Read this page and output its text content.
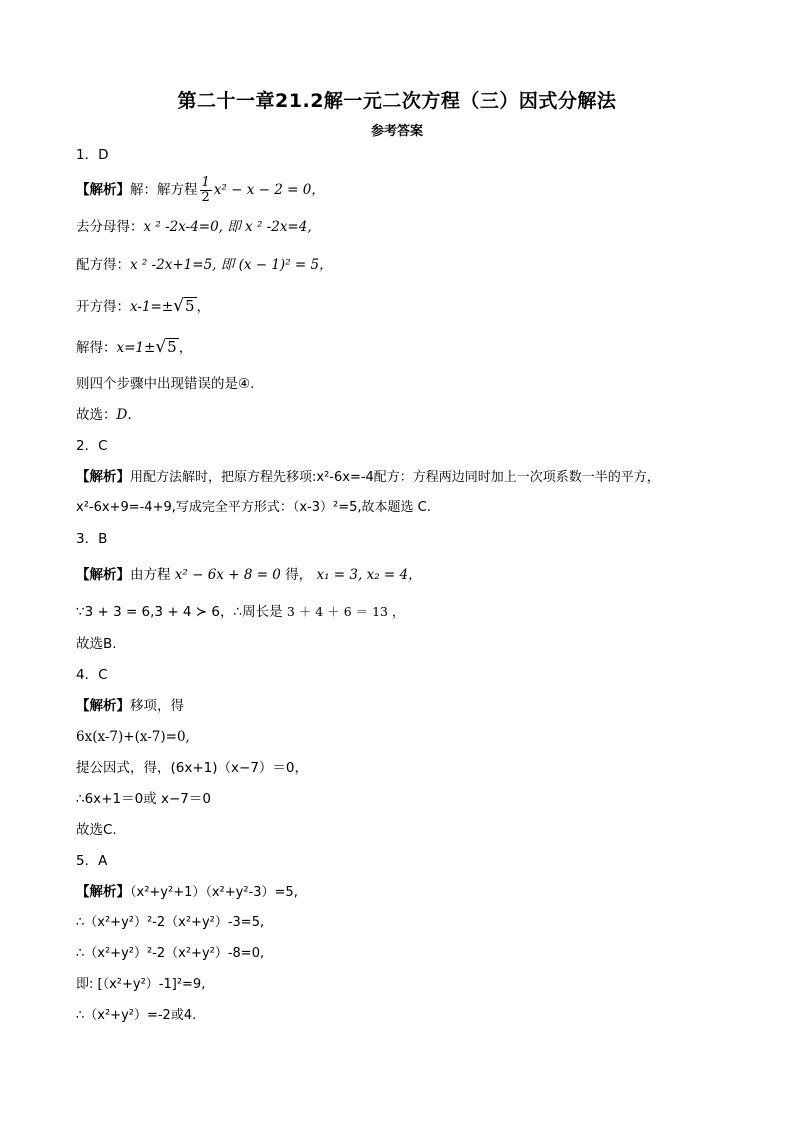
第二十一章21.2解一元二次方程（三）因式分解法
参考答案
1．D
【解析】解：解方程 $\frac{1}{2} x^2 - x - 2 = 0$，
去分母得：x ² -2x-4=0, 即 x ² -2x=4,
配方得：x ² -2x+1=5, 即 (x − 1)² = 5，
开方得：x-1=±√5 ，
解得：x=1±√5 ，
则四个步骤中出现错误的是④.
故选：D.
2．C
【解析】用配方法解时，把原方程先移项:x²-6x=-4配方：方程两边同时加上一次项系数一半的平方，
x²-6x+9=-4+9,写成完全平方形式：（x-3）²=5,故本题选 C.
3．B
【解析】由方程 x² − 6x + 8 = 0 得， x₁ = 3, x₂ = 4，
∵3 + 3 = 6,3 + 4 ≻ 6，∴周长是 3 ＋ 4 ＋ 6 ＝ 13 ，
故选B.
4．C
【解析】移项，得
6x(x-7)+(x-7)=0,
提公因式，得，(6x+1)（x−7）＝0，
∴6x+1＝0或 x−7＝0
故选C.
5．A
【解析】（x²+y²+1）（x²+y²-3）=5,
∴（x²+y²）²-2（x²+y²）-3=5,
∴（x²+y²）²-2（x²+y²）-8=0,
即: [（x²+y²）-1]²=9,
∴（x²+y²）=-2或4.
